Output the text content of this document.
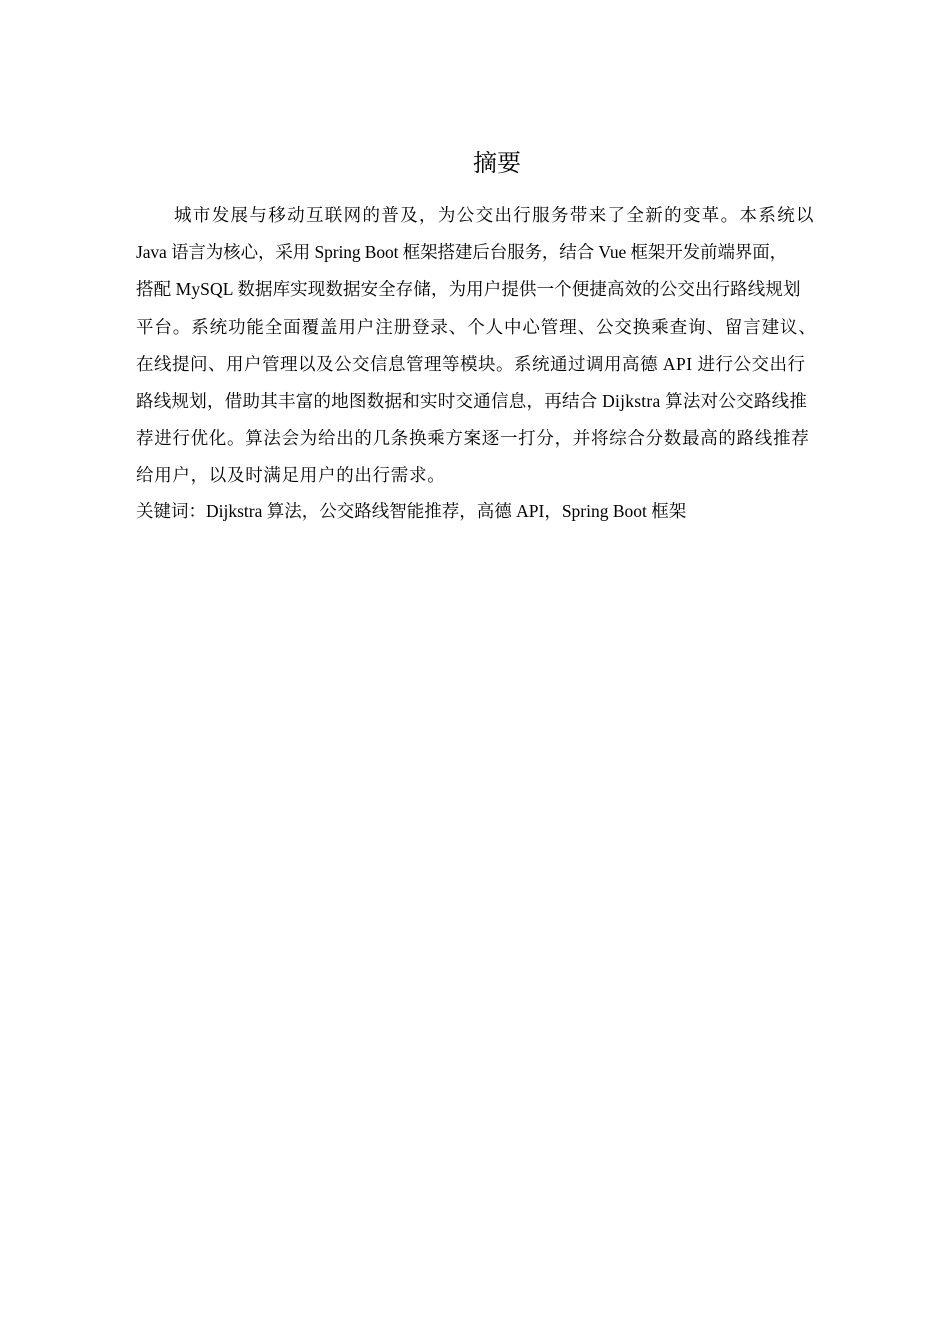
摘要

城市发展与移动互联网的普及，为公交出行服务带来了全新的变革。本系统以
Java 语言为核心，采用 Spring Boot 框架搭建后台服务，结合 Vue 框架开发前端界面，
搭配 MySQL 数据库实现数据安全存储，为用户提供一个便捷高效的公交出行路线规划
平台。系统功能全面覆盖用户注册登录、个人中心管理、公交换乘查询、留言建议、
在线提问、用户管理以及公交信息管理等模块。系统通过调用高德 API 进行公交出行
路线规划，借助其丰富的地图数据和实时交通信息，再结合 Dijkstra 算法对公交路线推
荐进行优化。算法会为给出的几条换乘方案逐一打分，并将综合分数最高的路线推荐
给用户，以及时满足用户的出行需求。

关键词：Dijkstra 算法，公交路线智能推荐，高德 API，Spring Boot 框架
